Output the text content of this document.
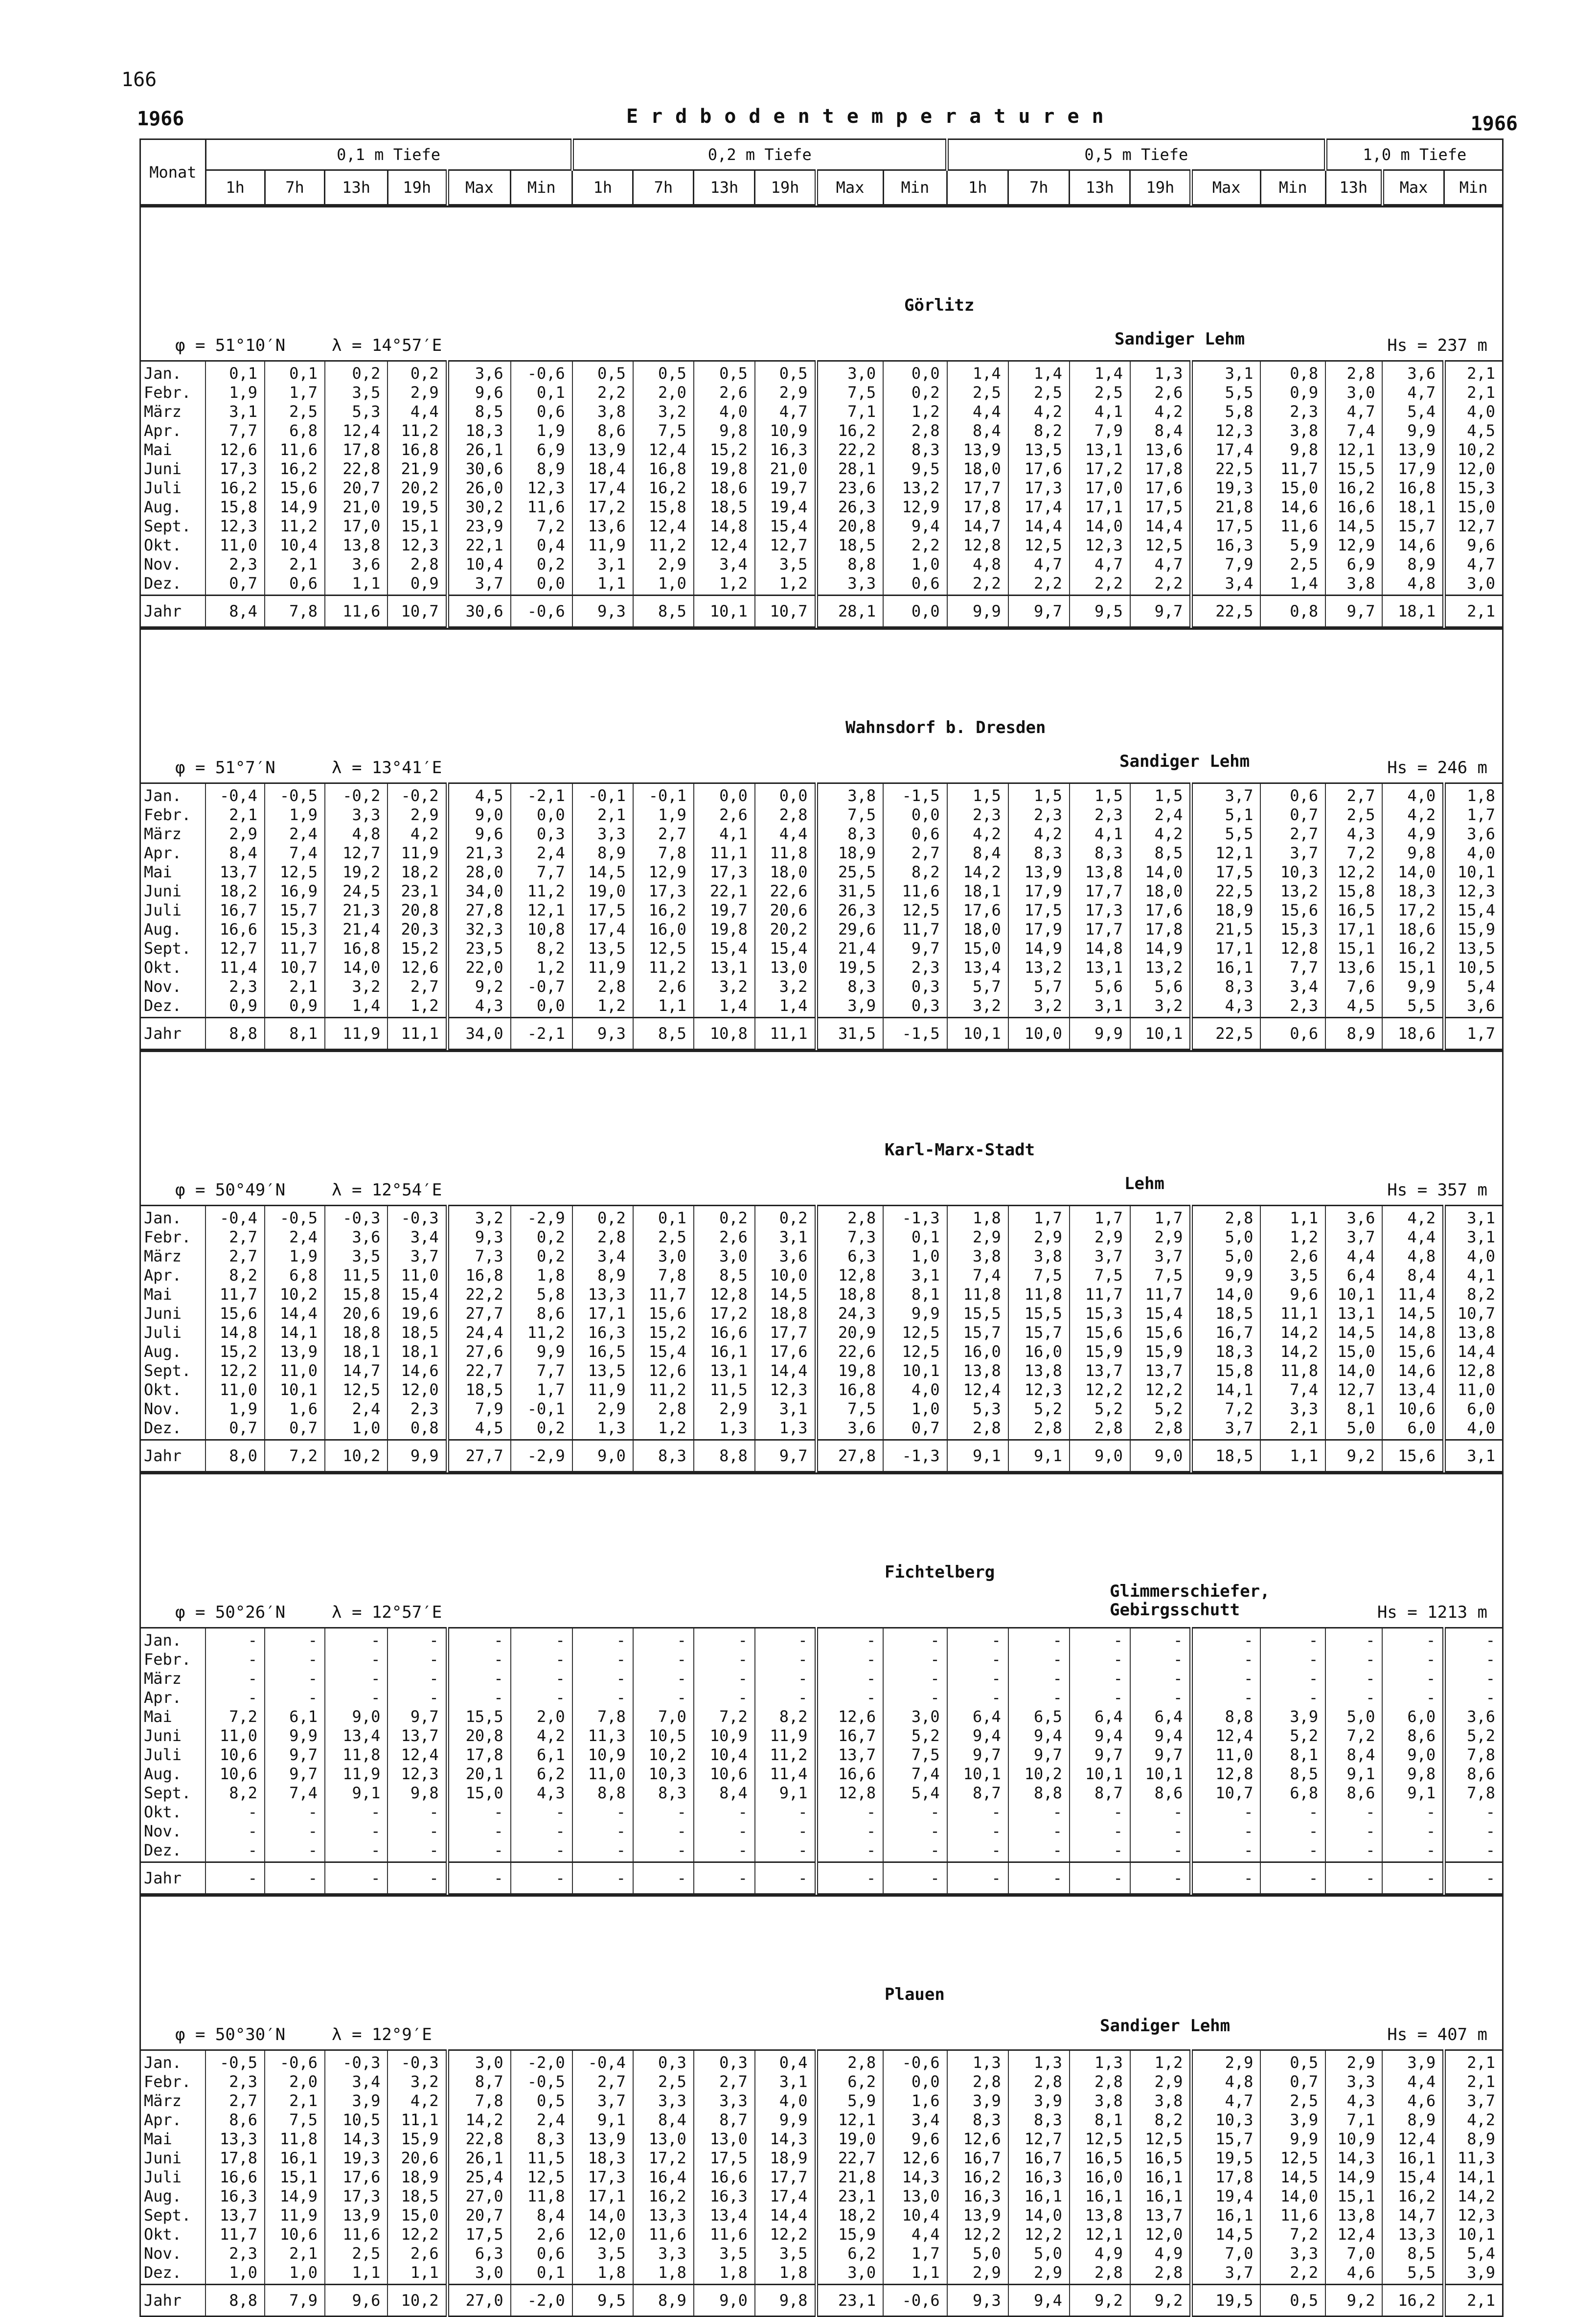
166
1966	Erdbodentemperaturen	1966
Monat	0,1 m Tiefe						0,2 m Tiefe						0,5 m Tiefe						1,0 m Tiefe		
	1h	7h	13h	19h	Max	Min	1h	7h	13h	19h	Max	Min	1h	7h	13h	19h	Max	Min	13h	Max	Min
Görlitz
Sandiger Lehm
φ = 51°10′N	λ = 14°57′E	Hs = 237 m
Jan.	0,1	0,1	0,2	0,2	3,6	-0,6	0,5	0,5	0,5	0,5	3,0	0,0	1,4	1,4	1,4	1,3	3,1	0,8	2,8	3,6	2,1
Febr.	1,9	1,7	3,5	2,9	9,6	0,1	2,2	2,0	2,6	2,9	7,5	0,2	2,5	2,5	2,5	2,6	5,5	0,9	3,0	4,7	2,1
März	3,1	2,5	5,3	4,4	8,5	0,6	3,8	3,2	4,0	4,7	7,1	1,2	4,4	4,2	4,1	4,2	5,8	2,3	4,7	5,4	4,0
Apr.	7,7	6,8	12,4	11,2	18,3	1,9	8,6	7,5	9,8	10,9	16,2	2,8	8,4	8,2	7,9	8,4	12,3	3,8	7,4	9,9	4,5
Mai	12,6	11,6	17,8	16,8	26,1	6,9	13,9	12,4	15,2	16,3	22,2	8,3	13,9	13,5	13,1	13,6	17,4	9,8	12,1	13,9	10,2
Juni	17,3	16,2	22,8	21,9	30,6	8,9	18,4	16,8	19,8	21,0	28,1	9,5	18,0	17,6	17,2	17,8	22,5	11,7	15,5	17,9	12,0
Juli	16,2	15,6	20,7	20,2	26,0	12,3	17,4	16,2	18,6	19,7	23,6	13,2	17,7	17,3	17,0	17,6	19,3	15,0	16,2	16,8	15,3
Aug.	15,8	14,9	21,0	19,5	30,2	11,6	17,2	15,8	18,5	19,4	26,3	12,9	17,8	17,4	17,1	17,5	21,8	14,6	16,6	18,1	15,0
Sept.	12,3	11,2	17,0	15,1	23,9	7,2	13,6	12,4	14,8	15,4	20,8	9,4	14,7	14,4	14,0	14,4	17,5	11,6	14,5	15,7	12,7
Okt.	11,0	10,4	13,8	12,3	22,1	0,4	11,9	11,2	12,4	12,7	18,5	2,2	12,8	12,5	12,3	12,5	16,3	5,9	12,9	14,6	9,6
Nov.	2,3	2,1	3,6	2,8	10,4	0,2	3,1	2,9	3,4	3,5	8,8	1,0	4,8	4,7	4,7	4,7	7,9	2,5	6,9	8,9	4,7
Dez.	0,7	0,6	1,1	0,9	3,7	0,0	1,1	1,0	1,2	1,2	3,3	0,6	2,2	2,2	2,2	2,2	3,4	1,4	3,8	4,8	3,0
Jahr	8,4	7,8	11,6	10,7	30,6	-0,6	9,3	8,5	10,1	10,7	28,1	0,0	9,9	9,7	9,5	9,7	22,5	0,8	9,7	18,1	2,1
Wahnsdorf b. Dresden
Sandiger Lehm
φ = 51°7′N	λ = 13°41′E	Hs = 246 m
Jan.	-0,4	-0,5	-0,2	-0,2	4,5	-2,1	-0,1	-0,1	0,0	0,0	3,8	-1,5	1,5	1,5	1,5	1,5	3,7	0,6	2,7	4,0	1,8
Febr.	2,1	1,9	3,3	2,9	9,0	0,0	2,1	1,9	2,6	2,8	7,5	0,0	2,3	2,3	2,3	2,4	5,1	0,7	2,5	4,2	1,7
März	2,9	2,4	4,8	4,2	9,6	0,3	3,3	2,7	4,1	4,4	8,3	0,6	4,2	4,2	4,1	4,2	5,5	2,7	4,3	4,9	3,6
Apr.	8,4	7,4	12,7	11,9	21,3	2,4	8,9	7,8	11,1	11,8	18,9	2,7	8,4	8,3	8,3	8,5	12,1	3,7	7,2	9,8	4,0
Mai	13,7	12,5	19,2	18,2	28,0	7,7	14,5	12,9	17,3	18,0	25,5	8,2	14,2	13,9	13,8	14,0	17,5	10,3	12,2	14,0	10,1
Juni	18,2	16,9	24,5	23,1	34,0	11,2	19,0	17,3	22,1	22,6	31,5	11,6	18,1	17,9	17,7	18,0	22,5	13,2	15,8	18,3	12,3
Juli	16,7	15,7	21,3	20,8	27,8	12,1	17,5	16,2	19,7	20,6	26,3	12,5	17,6	17,5	17,3	17,6	18,9	15,6	16,5	17,2	15,4
Aug.	16,6	15,3	21,4	20,3	32,3	10,8	17,4	16,0	19,8	20,2	29,6	11,7	18,0	17,9	17,7	17,8	21,5	15,3	17,1	18,6	15,9
Sept.	12,7	11,7	16,8	15,2	23,5	8,2	13,5	12,5	15,4	15,4	21,4	9,7	15,0	14,9	14,8	14,9	17,1	12,8	15,1	16,2	13,5
Okt.	11,4	10,7	14,0	12,6	22,0	1,2	11,9	11,2	13,1	13,0	19,5	2,3	13,4	13,2	13,1	13,2	16,1	7,7	13,6	15,1	10,5
Nov.	2,3	2,1	3,2	2,7	9,2	-0,7	2,8	2,6	3,2	3,2	8,3	0,3	5,7	5,7	5,6	5,6	8,3	3,4	7,6	9,9	5,4
Dez.	0,9	0,9	1,4	1,2	4,3	0,0	1,2	1,1	1,4	1,4	3,9	0,3	3,2	3,2	3,1	3,2	4,3	2,3	4,5	5,5	3,6
Jahr	8,8	8,1	11,9	11,1	34,0	-2,1	9,3	8,5	10,8	11,1	31,5	-1,5	10,1	10,0	9,9	10,1	22,5	0,6	8,9	18,6	1,7
Karl-Marx-Stadt
Lehm
φ = 50°49′N	λ = 12°54′E	Hs = 357 m
Jan.	-0,4	-0,5	-0,3	-0,3	3,2	-2,9	0,2	0,1	0,2	0,2	2,8	-1,3	1,8	1,7	1,7	1,7	2,8	1,1	3,6	4,2	3,1
Febr.	2,7	2,4	3,6	3,4	9,3	0,2	2,8	2,5	2,6	3,1	7,3	0,1	2,9	2,9	2,9	2,9	5,0	1,2	3,7	4,4	3,1
März	2,7	1,9	3,5	3,7	7,3	0,2	3,4	3,0	3,0	3,6	6,3	1,0	3,8	3,8	3,7	3,7	5,0	2,6	4,4	4,8	4,0
Apr.	8,2	6,8	11,5	11,0	16,8	1,8	8,9	7,8	8,5	10,0	12,8	3,1	7,4	7,5	7,5	7,5	9,9	3,5	6,4	8,4	4,1
Mai	11,7	10,2	15,8	15,4	22,2	5,8	13,3	11,7	12,8	14,5	18,8	8,1	11,8	11,8	11,7	11,7	14,0	9,6	10,1	11,4	8,2
Juni	15,6	14,4	20,6	19,6	27,7	8,6	17,1	15,6	17,2	18,8	24,3	9,9	15,5	15,5	15,3	15,4	18,5	11,1	13,1	14,5	10,7
Juli	14,8	14,1	18,8	18,5	24,4	11,2	16,3	15,2	16,6	17,7	20,9	12,5	15,7	15,7	15,6	15,6	16,7	14,2	14,5	14,8	13,8
Aug.	15,2	13,9	18,1	18,1	27,6	9,9	16,5	15,4	16,1	17,6	22,6	12,5	16,0	16,0	15,9	15,9	18,3	14,2	15,0	15,6	14,4
Sept.	12,2	11,0	14,7	14,6	22,7	7,7	13,5	12,6	13,1	14,4	19,8	10,1	13,8	13,8	13,7	13,7	15,8	11,8	14,0	14,6	12,8
Okt.	11,0	10,1	12,5	12,0	18,5	1,7	11,9	11,2	11,5	12,3	16,8	4,0	12,4	12,3	12,2	12,2	14,1	7,4	12,7	13,4	11,0
Nov.	1,9	1,6	2,4	2,3	7,9	-0,1	2,9	2,8	2,9	3,1	7,5	1,0	5,3	5,2	5,2	5,2	7,2	3,3	8,1	10,6	6,0
Dez.	0,7	0,7	1,0	0,8	4,5	0,2	1,3	1,2	1,3	1,3	3,6	0,7	2,8	2,8	2,8	2,8	3,7	2,1	5,0	6,0	4,0
Jahr	8,0	7,2	10,2	9,9	27,7	-2,9	9,0	8,3	8,8	9,7	27,8	-1,3	9,1	9,1	9,0	9,0	18,5	1,1	9,2	15,6	3,1
Fichtelberg
Glimmerschiefer, Gebirgsschutt
φ = 50°26′N	λ = 12°57′E	Hs = 1213 m
Jan.	-	-	-	-	-	-	-	-	-	-	-	-	-	-	-	-	-	-	-	-	-
Febr.	-	-	-	-	-	-	-	-	-	-	-	-	-	-	-	-	-	-	-	-	-
März	-	-	-	-	-	-	-	-	-	-	-	-	-	-	-	-	-	-	-	-	-
Apr.	-	-	-	-	-	-	-	-	-	-	-	-	-	-	-	-	-	-	-	-	-
Mai	7,2	6,1	9,0	9,7	15,5	2,0	7,8	7,0	7,2	8,2	12,6	3,0	6,4	6,5	6,4	6,4	8,8	3,9	5,0	6,0	3,6
Juni	11,0	9,9	13,4	13,7	20,8	4,2	11,3	10,5	10,9	11,9	16,7	5,2	9,4	9,4	9,4	9,4	12,4	5,2	7,2	8,6	5,2
Juli	10,6	9,7	11,8	12,4	17,8	6,1	10,9	10,2	10,4	11,2	13,7	7,5	9,7	9,7	9,7	9,7	11,0	8,1	8,4	9,0	7,8
Aug.	10,6	9,7	11,9	12,3	20,1	6,2	11,0	10,3	10,6	11,4	16,6	7,4	10,1	10,2	10,1	10,1	12,8	8,5	9,1	9,8	8,6
Sept.	8,2	7,4	9,1	9,8	15,0	4,3	8,8	8,3	8,4	9,1	12,8	5,4	8,7	8,8	8,7	8,6	10,7	6,8	8,6	9,1	7,8
Okt.	-	-	-	-	-	-	-	-	-	-	-	-	-	-	-	-	-	-	-	-	-
Nov.	-	-	-	-	-	-	-	-	-	-	-	-	-	-	-	-	-	-	-	-	-
Dez.	-	-	-	-	-	-	-	-	-	-	-	-	-	-	-	-	-	-	-	-	-
Jahr	-	-	-	-	-	-	-	-	-	-	-	-	-	-	-	-	-	-	-	-	-
Plauen
Sandiger Lehm
φ = 50°30′N	λ = 12°9′E	Hs = 407 m
Jan.	-0,5	-0,6	-0,3	-0,3	3,0	-2,0	-0,4	0,3	0,3	0,4	2,8	-0,6	1,3	1,3	1,3	1,2	2,9	0,5	2,9	3,9	2,1
Febr.	2,3	2,0	3,4	3,2	8,7	-0,5	2,7	2,5	2,7	3,1	6,2	0,0	2,8	2,8	2,8	2,9	4,8	0,7	3,3	4,4	2,1
März	2,7	2,1	3,9	4,2	7,8	0,5	3,7	3,3	3,3	4,0	5,9	1,6	3,9	3,9	3,8	3,8	4,7	2,5	4,3	4,6	3,7
Apr.	8,6	7,5	10,5	11,1	14,2	2,4	9,1	8,4	8,7	9,9	12,1	3,4	8,3	8,3	8,1	8,2	10,3	3,9	7,1	8,9	4,2
Mai	13,3	11,8	14,3	15,9	22,8	8,3	13,9	13,0	13,0	14,3	19,0	9,6	12,6	12,7	12,5	12,5	15,7	9,9	10,9	12,4	8,9
Juni	17,8	16,1	19,3	20,6	26,1	11,5	18,3	17,2	17,5	18,9	22,7	12,6	16,7	16,7	16,5	16,5	19,5	12,5	14,3	16,1	11,3
Juli	16,6	15,1	17,6	18,9	25,4	12,5	17,3	16,4	16,6	17,7	21,8	14,3	16,2	16,3	16,0	16,1	17,8	14,5	14,9	15,4	14,1
Aug.	16,3	14,9	17,3	18,5	27,0	11,8	17,1	16,2	16,3	17,4	23,1	13,0	16,3	16,1	16,1	16,1	19,4	14,0	15,1	16,2	14,2
Sept.	13,7	11,9	13,9	15,0	20,7	8,4	14,0	13,3	13,4	14,4	18,2	10,4	13,9	14,0	13,8	13,7	16,1	11,6	13,8	14,7	12,3
Okt.	11,7	10,6	11,6	12,2	17,5	2,6	12,0	11,6	11,6	12,2	15,9	4,4	12,2	12,2	12,1	12,0	14,5	7,2	12,4	13,3	10,1
Nov.	2,3	2,1	2,5	2,6	6,3	0,6	3,5	3,3	3,5	3,5	6,2	1,7	5,0	5,0	4,9	4,9	7,0	3,3	7,0	8,5	5,4
Dez.	1,0	1,0	1,1	1,1	3,0	0,1	1,8	1,8	1,8	1,8	3,0	1,1	2,9	2,9	2,8	2,8	3,7	2,2	4,6	5,5	3,9
Jahr	8,8	7,9	9,6	10,2	27,0	-2,0	9,5	8,9	9,0	9,8	23,1	-0,6	9,3	9,4	9,2	9,2	19,5	0,5	9,2	16,2	2,1
